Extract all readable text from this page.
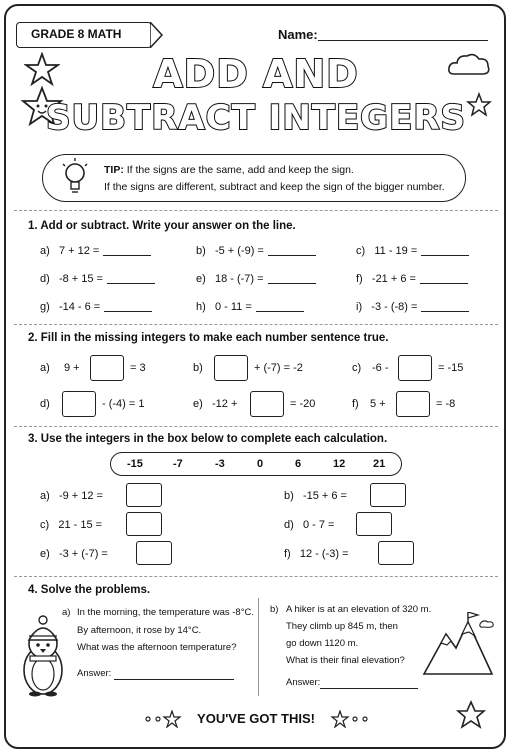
GRADE 8 MATH	Name:
ADD AND
SUBTRACT INTEGERS
TIP: If the signs are the same, add and keep the sign.
If the signs are different, subtract and keep the sign of the bigger number.
1. Add or subtract. Write your answer on the line.
a) 7 + 12 =	b) -5 + (-9) =	c) 11 - 19 =
d) -8 + 15 =	e) 18 - (-7) =	f) -21 + 6 =
g) -14 - 6 =	h) 0 - 11 =	i) -3 - (-8) =
2. Fill in the missing integers to make each number sentence true.
a) 9 +	= 3	b)	+ (-7) = -2	c) -6 -	= -15
d)	- (-4) = 1	e) -12 +	= -20	f) 5 +	= -8
3. Use the integers in the box below to complete each calculation.
-15	-7	-3	0	6	12	21
a) -9 + 12 =	b) -15 + 6 =
c) 21 - 15 =	d) 0 - 7 =
e) -3 + (-7) =	f) 12 - (-3) =
4. Solve the problems.
a) In the morning, the temperature was -8°C.
By afternoon, it rose by 14°C.
What was the afternoon temperature?
Answer:
b) A hiker is at an elevation of 320 m.
They climb up 845 m, then
go down 1120 m.
What is their final elevation?
Answer:
YOU'VE GOT THIS!
